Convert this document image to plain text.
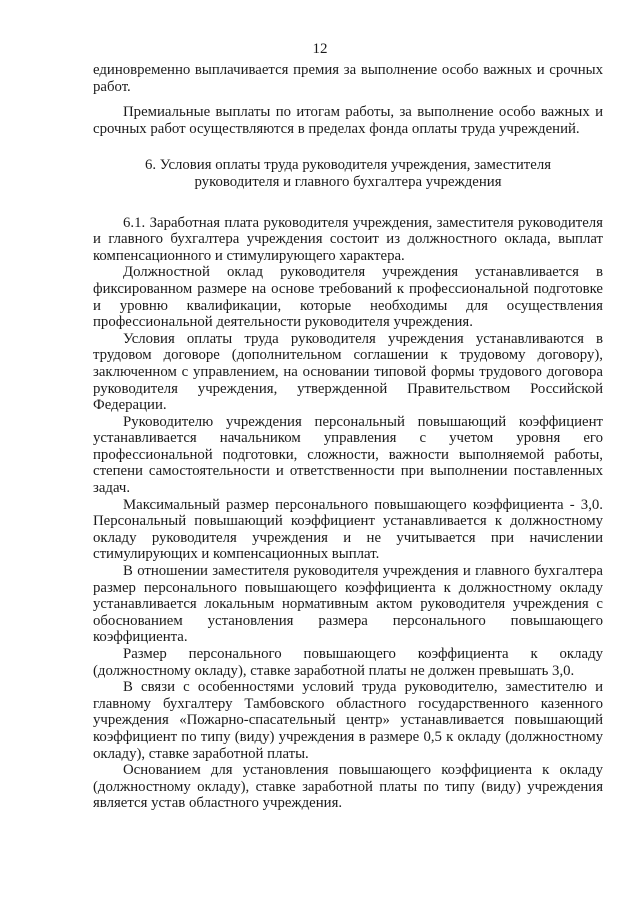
12

единовременно выплачивается премия за выполнение особо важных и срочных работ.

Премиальные выплаты по итогам работы, за выполнение особо важных и срочных работ осуществляются в пределах фонда оплаты труда учреждений.

6. Условия оплаты труда руководителя учреждения, заместителя руководителя и главного бухгалтера учреждения

6.1. Заработная плата руководителя учреждения, заместителя руководителя и главного бухгалтера учреждения состоит из должностного оклада, выплат компенсационного и стимулирующего характера.

Должностной оклад руководителя учреждения устанавливается в фиксированном размере на основе требований к профессиональной подготовке и уровню квалификации, которые необходимы для осуществления профессиональной деятельности руководителя учреждения.

Условия оплаты труда руководителя учреждения устанавливаются в трудовом договоре (дополнительном соглашении к трудовому договору), заключенном с управлением, на основании типовой формы трудового договора руководителя учреждения, утвержденной Правительством Российской Федерации.

Руководителю учреждения персональный повышающий коэффициент устанавливается начальником управления с учетом уровня его профессиональной подготовки, сложности, важности выполняемой работы, степени самостоятельности и ответственности при выполнении поставленных задач.

Максимальный размер персонального повышающего коэффициента - 3,0. Персональный повышающий коэффициент устанавливается к должностному окладу руководителя учреждения и не учитывается при начислении стимулирующих и компенсационных выплат.

В отношении заместителя руководителя учреждения и главного бухгалтера размер персонального повышающего коэффициента к должностному окладу устанавливается локальным нормативным актом руководителя учреждения с обоснованием установления размера персонального повышающего коэффициента.

Размер персонального повышающего коэффициента к окладу (должностному окладу), ставке заработной платы не должен превышать 3,0.

В связи с особенностями условий труда руководителю, заместителю и главному бухгалтеру Тамбовского областного государственного казенного учреждения «Пожарно-спасательный центр» устанавливается повышающий коэффициент по типу (виду) учреждения в размере 0,5 к окладу (должностному окладу), ставке заработной платы.

Основанием для установления повышающего коэффициента к окладу (должностному окладу), ставке заработной платы по типу (виду) учреждения является устав областного учреждения.
